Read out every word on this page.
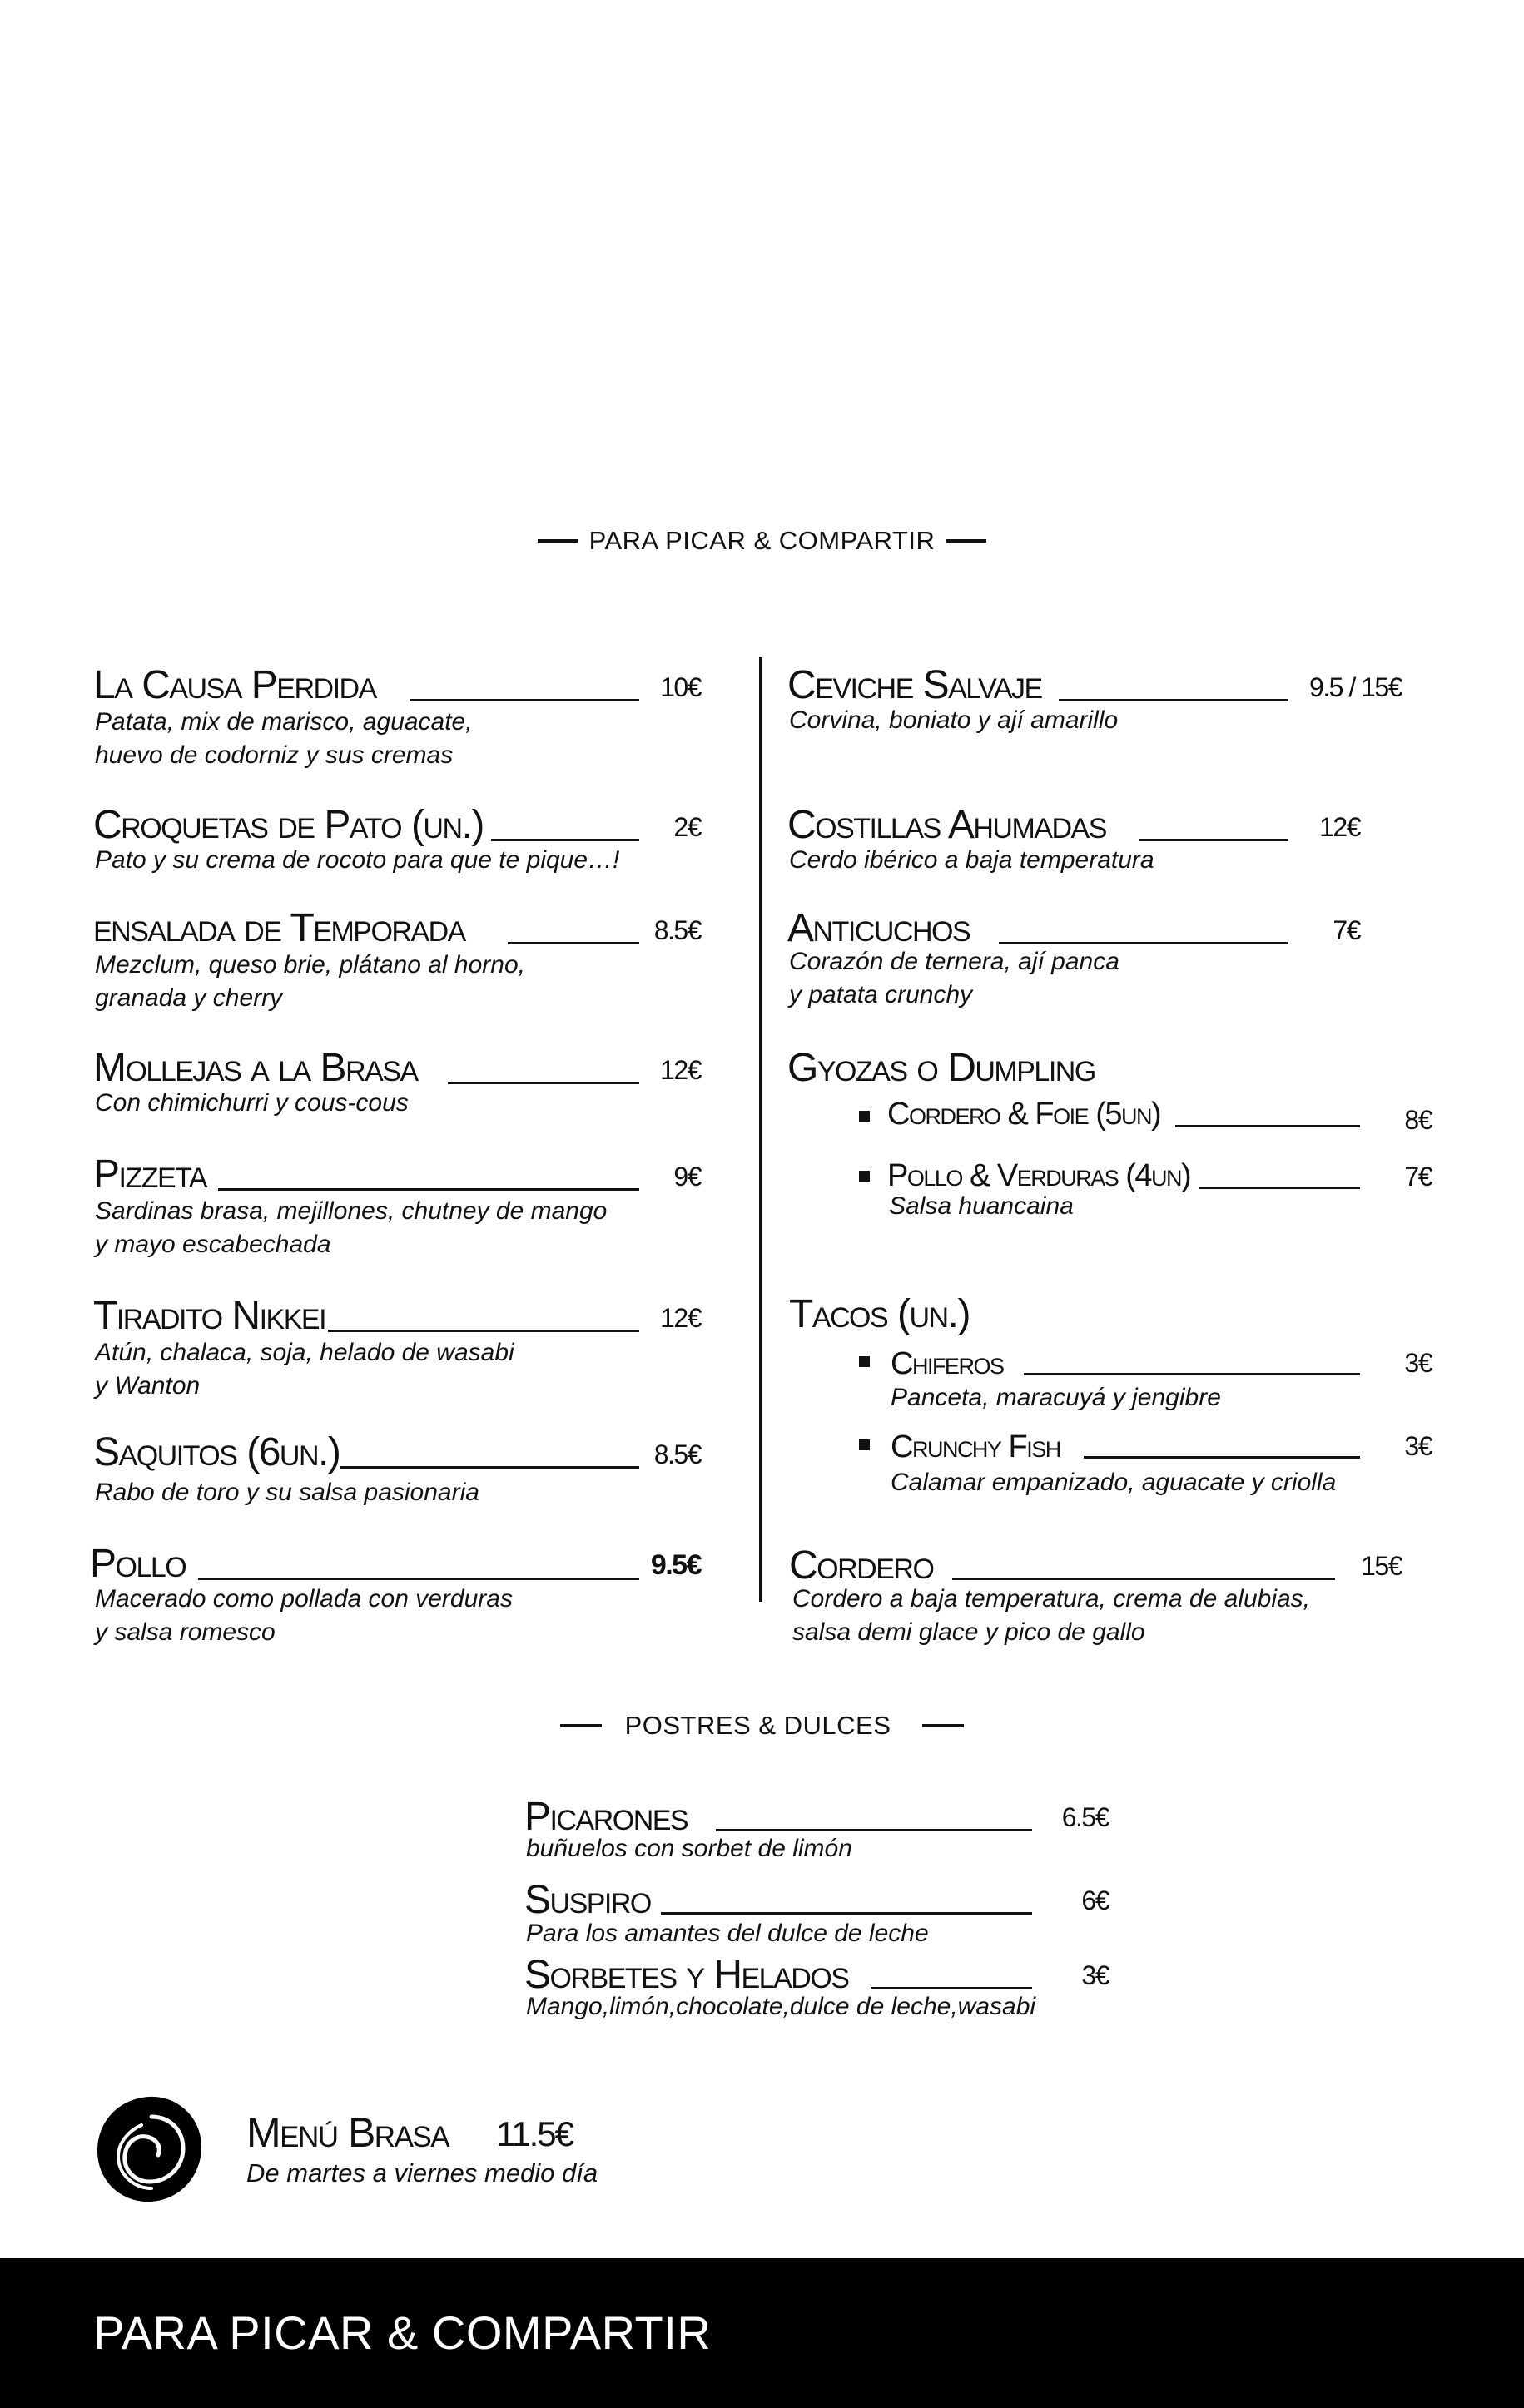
PARA PICAR & COMPARTIR
La Causa Perdida	10€
Patata, mix de marisco, aguacate,
huevo de codorniz y sus cremas
Croquetas de Pato (un.)	2€
Pato y su crema de rocoto para que te pique…!
ensalada de Temporada	8.5€
Mezclum, queso brie, plátano al horno,
granada y cherry
Mollejas a la Brasa	12€
Con chimichurri y cous-cous
Pizzeta	9€
Sardinas brasa, mejillones, chutney de mango
y mayo escabechada
Tiradito Nikkei	12€
Atún, chalaca, soja, helado de wasabi
y Wanton
Saquitos (6un.)	8.5€
Rabo de toro y su salsa pasionaria
Pollo	9.5€
Macerado como pollada con verduras
y salsa romesco
Ceviche Salvaje	9.5 / 15€
Corvina, boniato y ají amarillo
Costillas Ahumadas	12€
Cerdo ibérico a baja temperatura
Anticuchos	7€
Corazón de ternera, ají panca
y patata crunchy
Gyozas o Dumpling
Cordero & Foie (5un)	8€
Pollo & Verduras (4un)	7€
Salsa huancaina
Tacos (un.)
Chiferos	3€
Panceta, maracuyá y jengibre
Crunchy Fish	3€
Calamar empanizado, aguacate y criolla
Cordero	15€
Cordero a baja temperatura, crema de alubias,
salsa demi glace y pico de gallo
POSTRES & DULCES
Picarones	6.5€
buñuelos con sorbet de limón
Suspiro	6€
Para los amantes del dulce de leche
Sorbetes y Helados	3€
Mango,limón,chocolate,dulce de leche,wasabi
Menú Brasa 11.5€
De martes a viernes medio día
PARA PICAR & COMPARTIR
